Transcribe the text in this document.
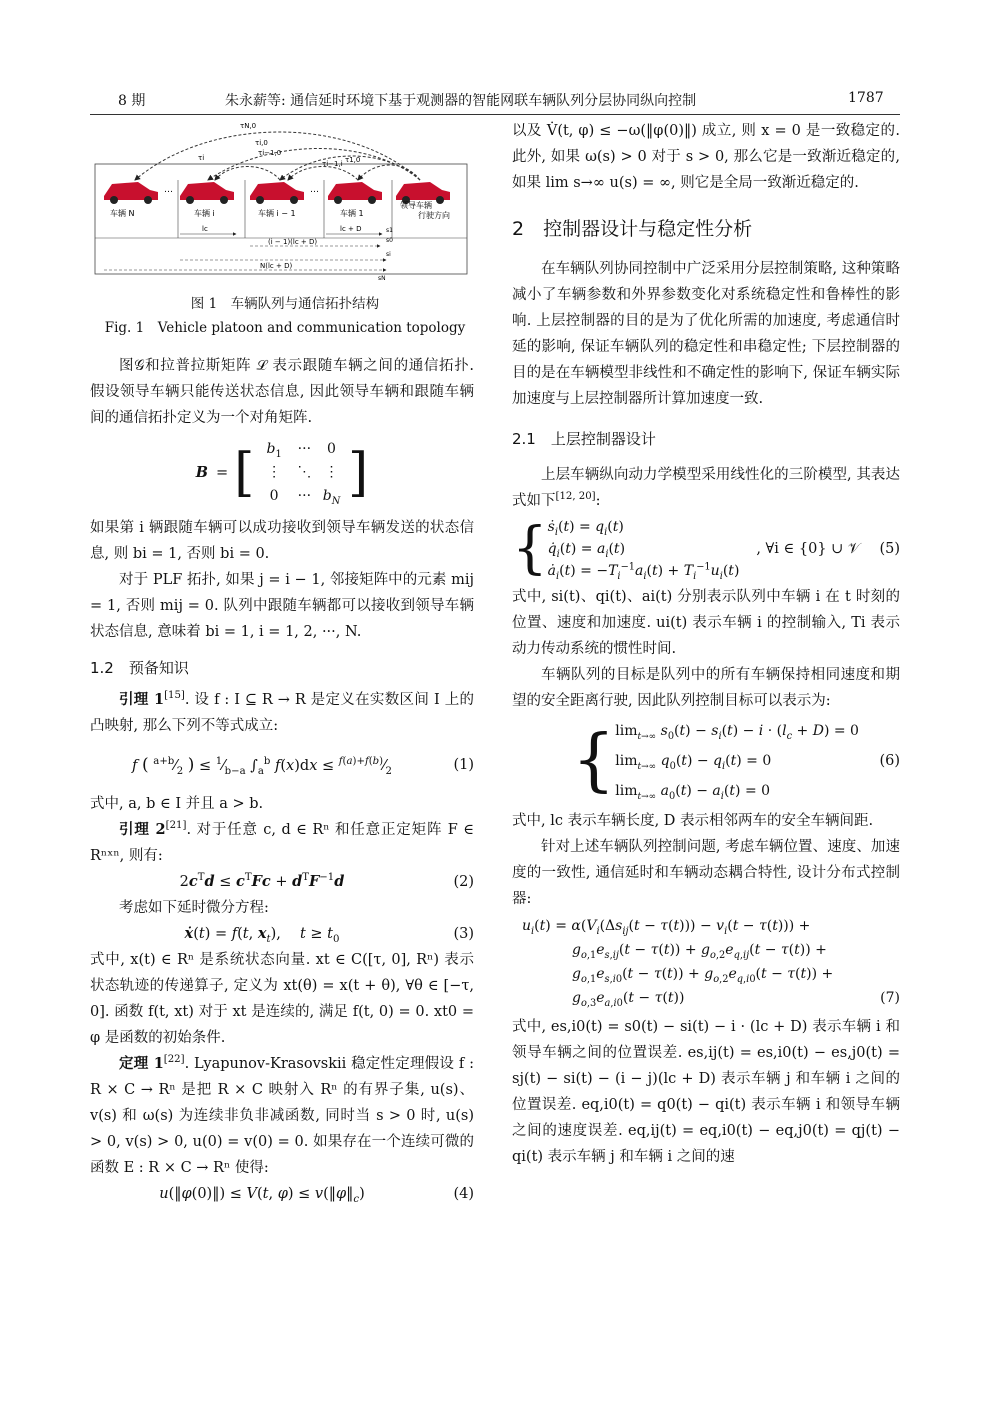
8 期	朱永薪等: 通信延时环境下基于观测器的智能网联车辆队列分层协同纵向控制	1787
τN,0
τi,0
τi−1,0
τ1,0
τi
τi−1,i
…	…
车辆 N	车辆 i	车辆 i − 1	车辆 1
领导车辆
行驶方向
lc	lc + D
(i − 1)(lc + D)
N(lc + D)
s1
si
sN
s0
图 1　车辆队列与通信拓扑结构
Fig. 1　Vehicle platoon and communication topology

图𝒢和拉普拉斯矩阵 ℒ 表示跟随车辆之间的通信拓扑. 假设领导车辆只能传送状态信息, 因此领导车辆和跟随车辆间的通信拓扑定义为一个对角矩阵.

B = [ $b_1$	···	0
⋮	⋱	⋮
0	···	$b_N$ ]

如果第 i 辆跟随车辆可以成功接收到领导车辆发送的状态信息, 则 bi = 1, 否则 bi = 0.

对于 PLF 拓扑, 如果 j = i − 1, 邻接矩阵中的元素 mij = 1, 否则 mij = 0. 队列中跟随车辆都可以接收到领导车辆状态信息, 意味着 bi = 1, i = 1, 2, ···, N.

1.2　预备知识

引理 1[15]. 设 f : I ⊆ R → R 是定义在实数区间 I 上的凸映射, 那么下列不等式成立:

f ( $^{a+b}⁄_2$ ) ≤ $^1⁄_{b-a}$ $\int_a^b$ $f(x)dx \le ^{f(a)+f(b)}⁄_2$	(1)

式中, a, b ∈ I 并且 a > b.

引理 2[21]. 对于任意 c, d ∈ Rⁿ 和任意正定矩阵 F ∈ Rⁿˣⁿ, 则有:

$2c^Td \le c^TFc + d^TF^{-1}d$	(2)

考虑如下延时微分方程:

ẋ(t) = f(t, $x_t$),　 $t \ge t_0$	(3)

式中, x(t) ∈ Rⁿ 是系统状态向量. xt ∈ C([τ, 0], Rⁿ) 表示状态轨迹的传递算子, 定义为 xt(θ) = x(t + θ), ∀θ ∈ [−τ, 0]. 函数 f(t, xt) 对于 xt 是连续的, 满足 f(t, 0) = 0. xt0 = φ 是函数的初始条件.

定理 1[22]. Lyapunov-Krasovskii 稳定性定理假设 f : R × C → Rⁿ 是把 R × C 映射入 Rⁿ 的有界子集, u(s)、v(s) 和 ω(s) 为连续非负非减函数, 同时当 s > 0 时, u(s) > 0, v(s) > 0, u(0) = v(0) = 0. 如果存在一个连续可微的函数 E : R × C → Rⁿ 使得:

u(‖φ(0)‖) ≤ V(t, $\varphi) \le v(‖\varphi‖_c)$	(4)

以及 V̇(t, φ) ≤ −ω(‖φ(0)‖) 成立, 则 x = 0 是一致稳定的. 此外, 如果 ω(s) > 0 对于 s > 0, 那么它是一致渐近稳定的, 如果 lim s→∞ u(s) = ∞, 则它是全局一致渐近稳定的.

2　控制器设计与稳定性分析

在车辆队列协同控制中广泛采用分层控制策略, 这种策略减小了车辆参数和外界参数变化对系统稳定性和鲁棒性的影响. 上层控制器的目的是为了优化所需的加速度, 考虑通信时延的影响, 保证车辆队列的稳定性和串稳定性; 下层控制器的目的是在车辆模型非线性和不确定性的影响下, 保证车辆实际加速度与上层控制器所计算加速度一致.

2.1　上层控制器设计

上层车辆纵向动力学模型采用线性化的三阶模型, 其表达式如下[12, 20]:

{ ṡ$_i$(t) = $q_i(t)$
$q̇_i(t) = a_i(t)$
$ȧ_i(t) = -T_i^{-1}a_i(t) + T_i^{-1}u_i(t)$
, ∀i ∈ {0} ∪ 𝒱	(5)

式中, si(t)、qi(t)、ai(t) 分别表示队列中车辆 i 在 t 时刻的位置、速度和加速度. ui(t) 表示车辆 i 的控制输入, Ti 表示动力传动系统的惯性时间.

车辆队列的目标是队列中的所有车辆保持相同速度和期望的安全距离行驶, 因此队列控制目标可以表示为:

{ $\lim_{t\to\infty} s_0(t) - s_i(t) - i \cdot (l_c + D) = 0$
$\lim_{t\to\infty} q_0(t) - q_i(t) = 0$
$\lim_{t\to\infty} a_0(t) - a_i(t) = 0$
(6)

式中, lc 表示车辆长度, D 表示相邻两车的安全车辆间距.

针对上述车辆队列控制问题, 考虑车辆位置、速度、加速度的一致性, 通信延时和车辆动态耦合特性, 设计分布式控制器:

$u_i(t) = \alpha(V_i(\Delta s_{ij}(t - \tau(t))) - v_i(t - \tau(t)))$ +
$g_{o,1}e_{s,ij}(t - \tau(t)) + g_{o,2}e_{q,ij}(t - \tau(t))$ +
$g_{o,1}e_{s,i0}(t - \tau(t)) + g_{o,2}e_{q,i0}(t - \tau(t))$ +
$g_{o,3}e_{a,i0}(t - \tau(t))$	(7)

式中, es,i0(t) = s0(t) − si(t) − i · (lc + D) 表示车辆 i 和领导车辆之间的位置误差. es,ij(t) = es,i0(t) − es,j0(t) = sj(t) − si(t) − (i − j)(lc + D) 表示车辆 j 和车辆 i 之间的位置误差. eq,i0(t) = q0(t) − qi(t) 表示车辆 i 和领导车辆之间的速度误差. eq,ij(t) = eq,i0(t) − eq,j0(t) = qj(t) − qi(t) 表示车辆 j 和车辆 i 之间的速
